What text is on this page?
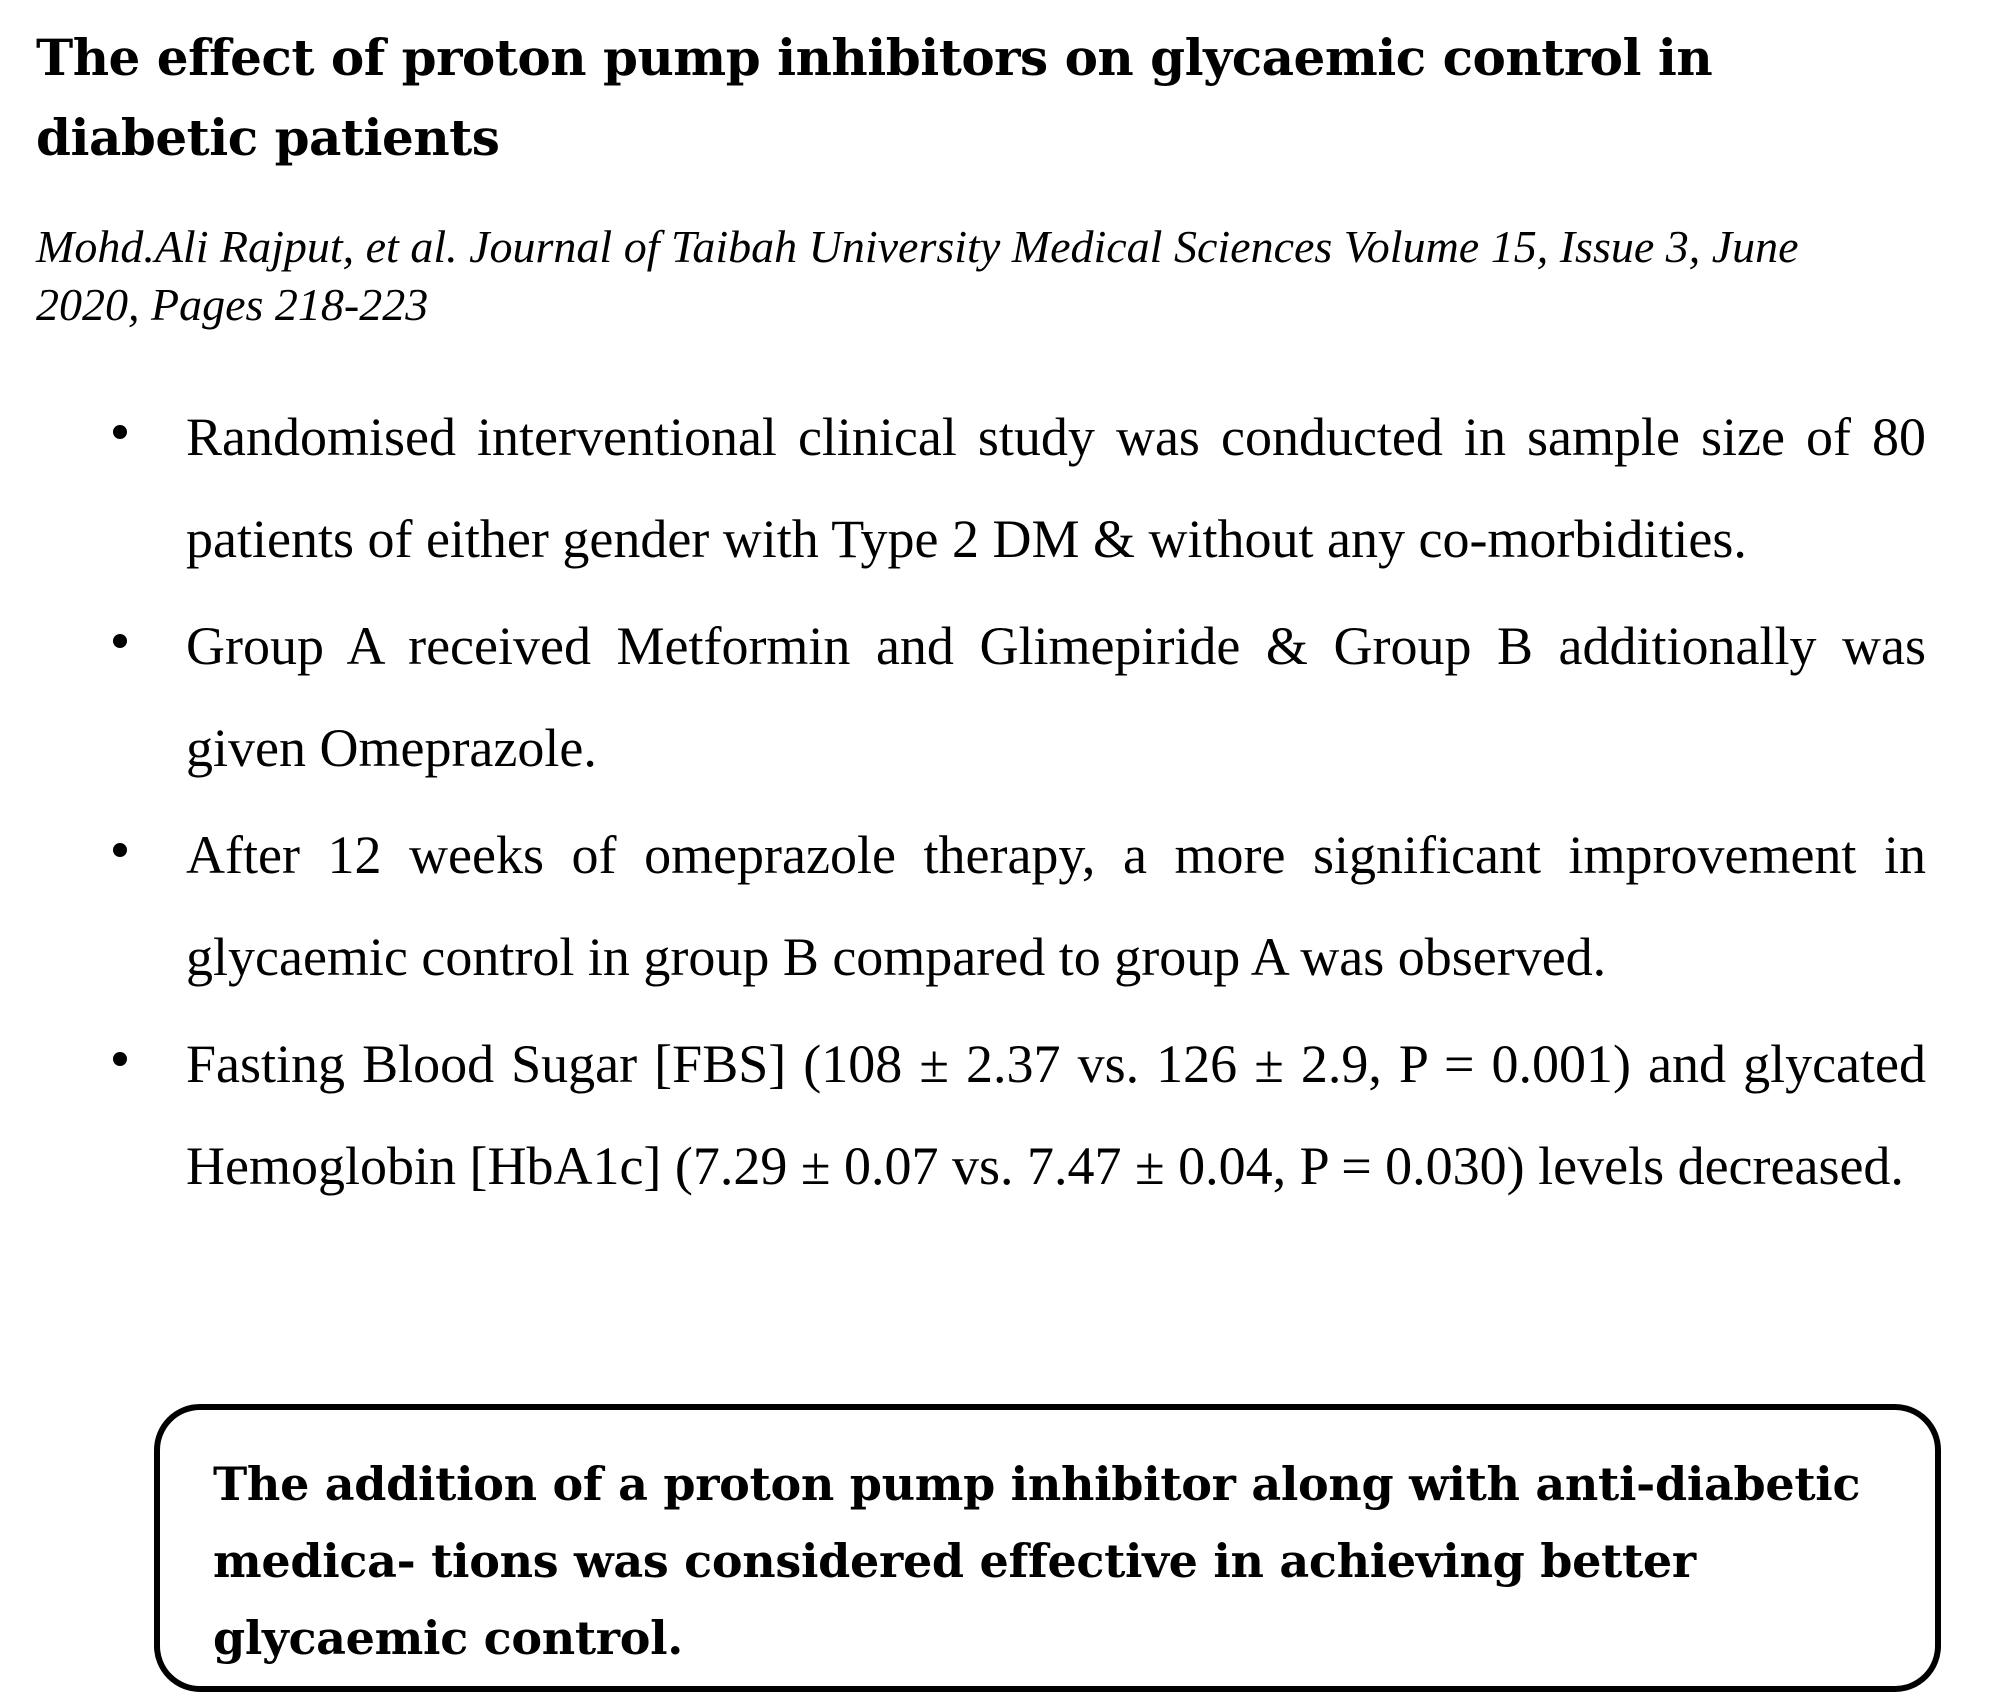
The effect of proton pump inhibitors on glycaemic control in diabetic patients

Mohd.Ali Rajput, et al. Journal of Taibah University Medical Sciences Volume 15, Issue 3, June 2020, Pages 218-223

Randomised interventional clinical study was conducted in sample size of 80 patients of either gender with Type 2 DM & without any co-morbidities.
Group A received Metformin and Glimepiride & Group B additionally was given Omeprazole.
After 12 weeks of omeprazole therapy, a more significant improvement in glycaemic control in group B compared to group A was observed.
Fasting Blood Sugar [FBS] (108 ± 2.37 vs. 126 ± 2.9, P = 0.001) and glycated Hemoglobin [HbA1c] (7.29 ± 0.07 vs. 7.47 ± 0.04, P = 0.030) levels decreased.

The addition of a proton pump inhibitor along with anti-diabetic medica- tions was considered effective in achieving better glycaemic control.
